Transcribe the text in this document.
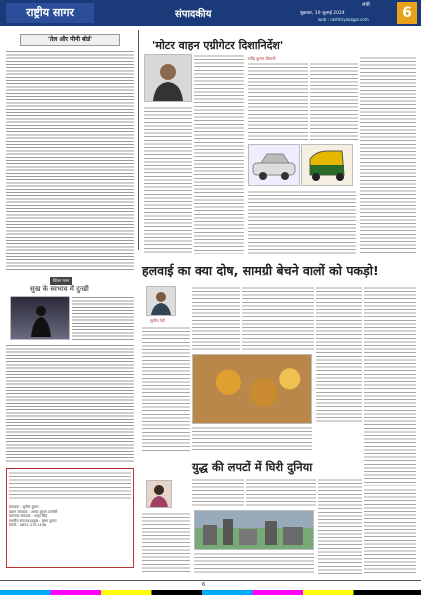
राष्ट्रीय सागर	संपादकीय
रांची
शुक्रवार, 19 जुलाई 2024
web : rashtriyasagar.com	6
'तेल और पीनी बोर्ड'
चिंतन मनन
सुख के स्वभाव में दुःखी
संपादक : सुनील कुमार
प्रधान संपादक : आनंद कुमार दानमेरी
समाचार संपादक : अमृत सिंह
स्थानीय संपादक/प्रमुख : कृष्ण कुमार
संपर्क : 0651-2911436
'मोटर वाहन एग्रीगेटर दिशानिर्देश'
रवींद्र कुमार त्रिपाठी
हलवाई का क्या दोष, सामग्री बेचने वालों को पकड़ो!
सुनील रेडी
युद्ध की लपटों में घिरी दुनिया
6
